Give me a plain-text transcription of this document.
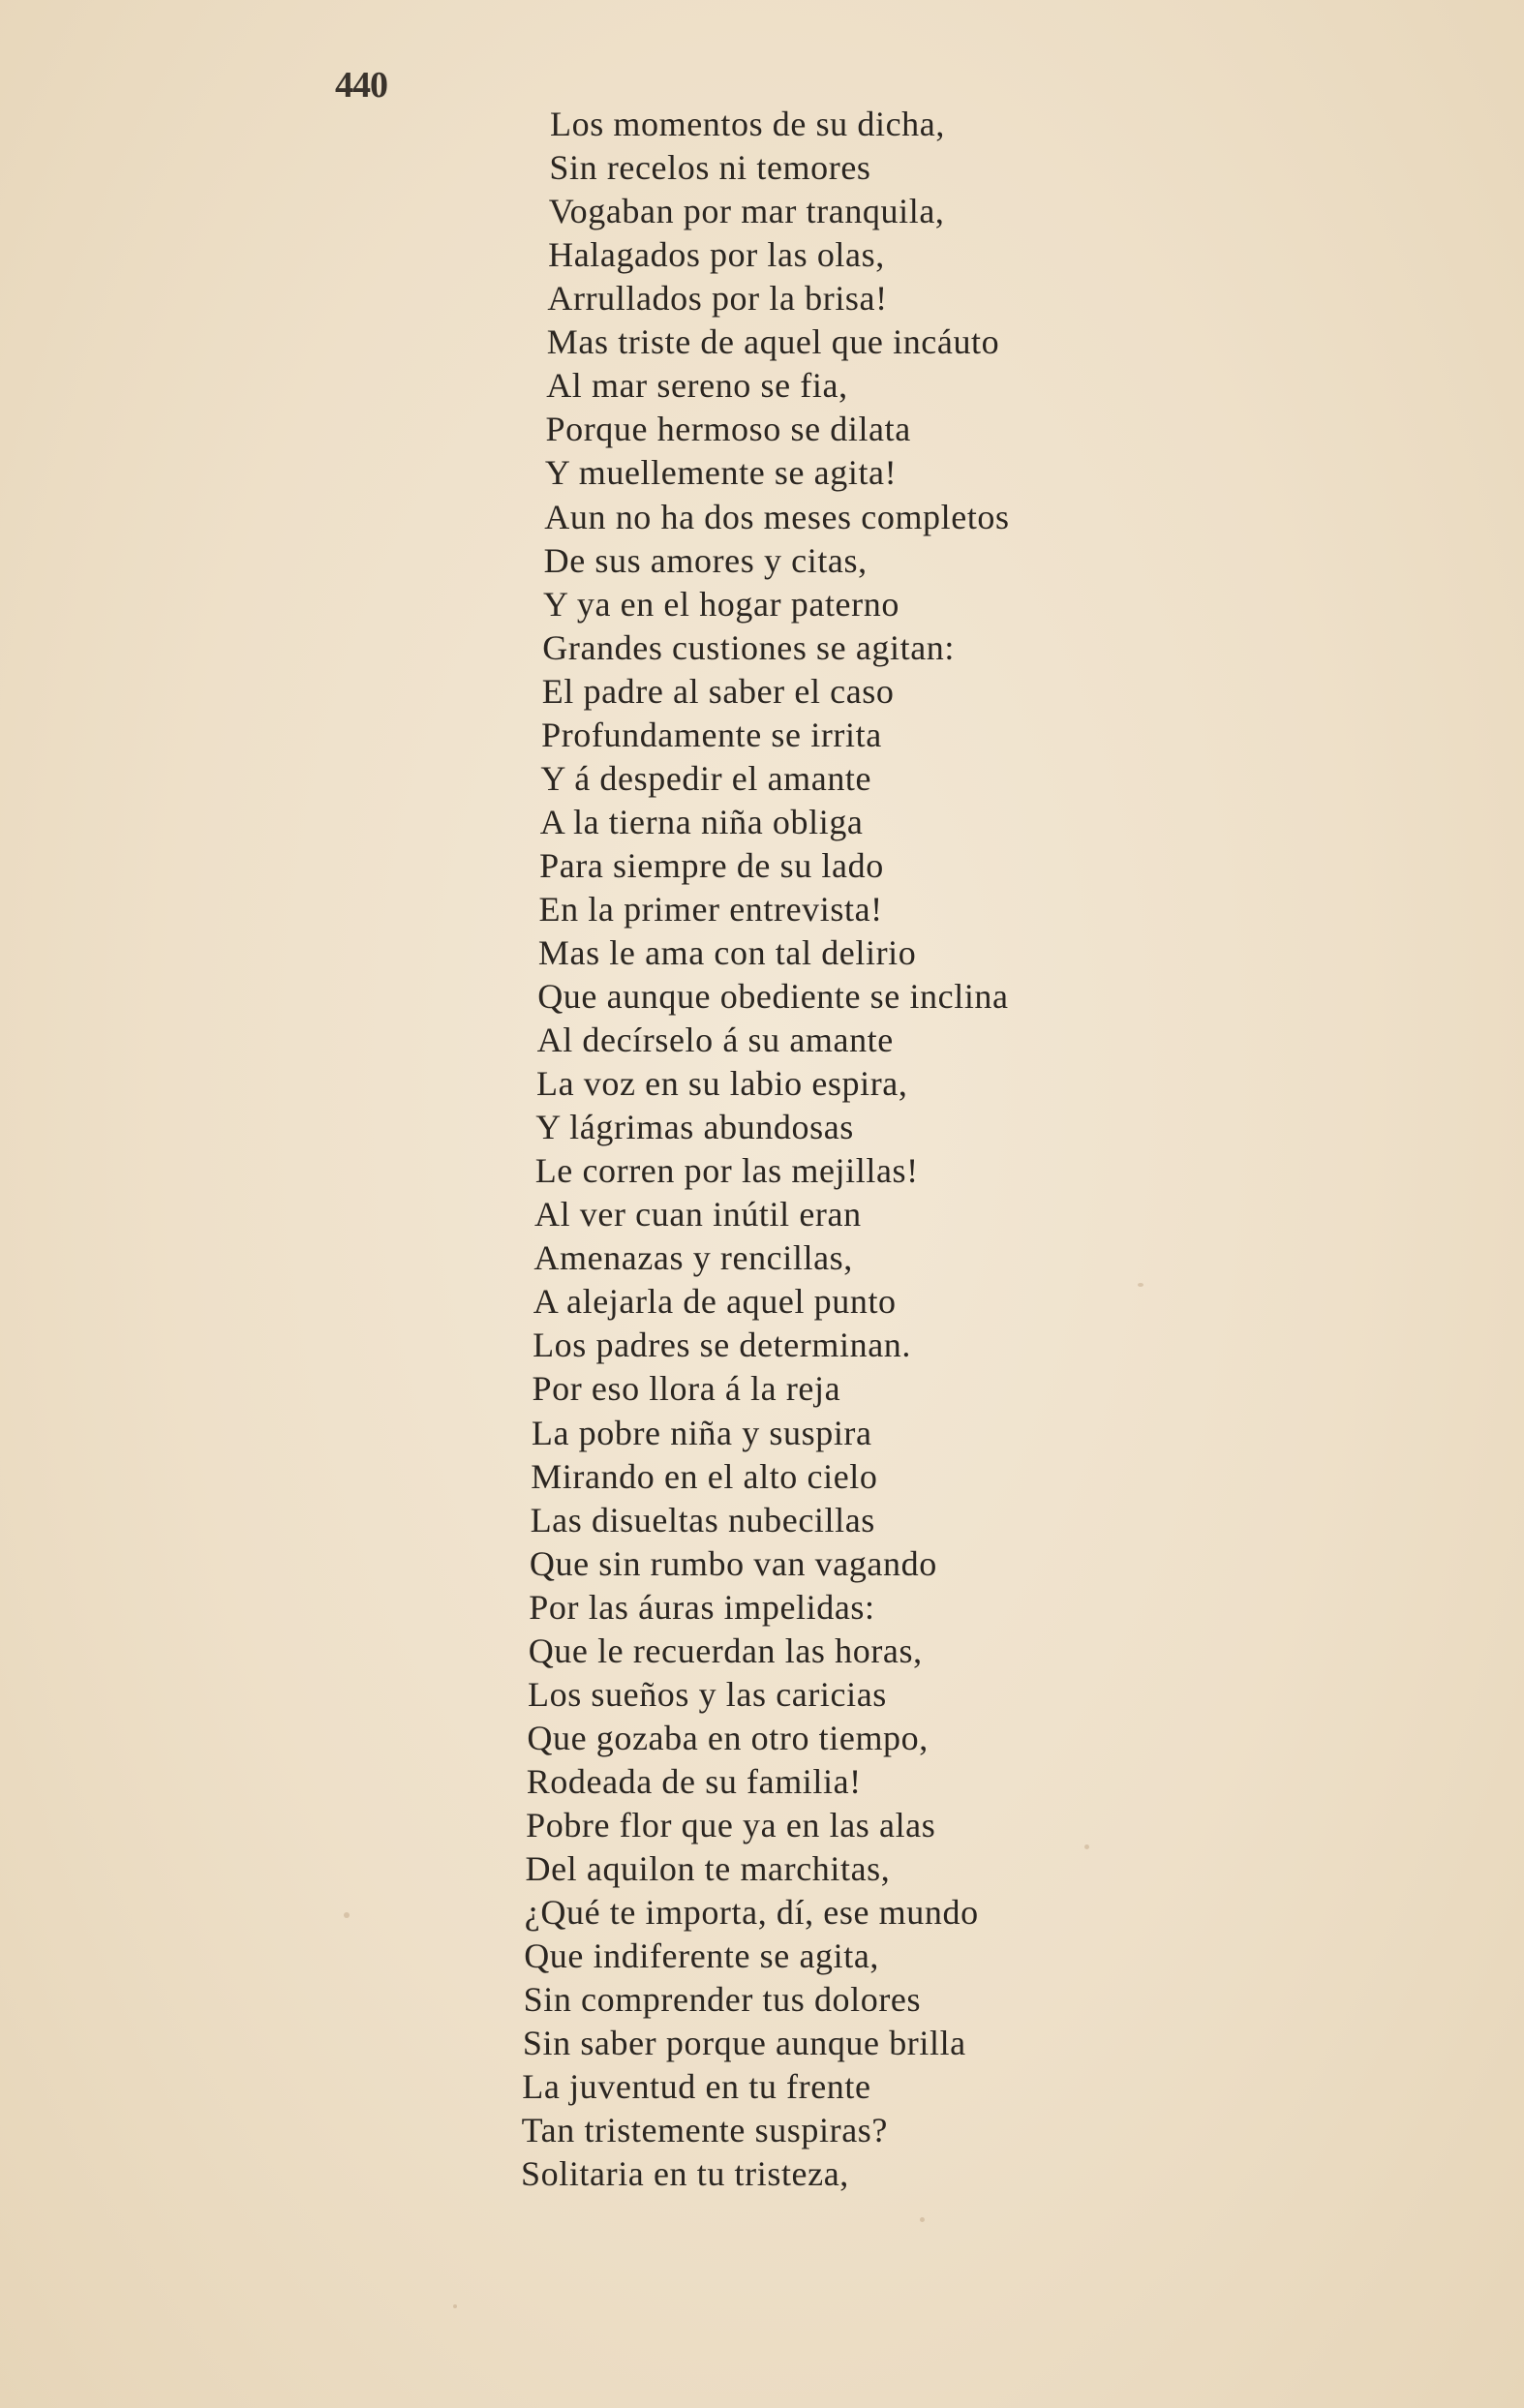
440
Los momentos de su dicha,
Sin recelos ni temores
Vogaban por mar tranquila,
Halagados por las olas,
Arrullados por la brisa!
Mas triste de aquel que incáuto
Al mar sereno se fia,
Porque hermoso se dilata
Y muellemente se agita!
Aun no ha dos meses completos
De sus amores y citas,
Y ya en el hogar paterno
Grandes custiones se agitan:
El padre al saber el caso
Profundamente se irrita
Y á despedir el amante
A la tierna niña obliga
Para siempre de su lado
En la primer entrevista!
Mas le ama con tal delirio
Que aunque obediente se inclina
Al decírselo á su amante
La voz en su labio espira,
Y lágrimas abundosas
Le corren por las mejillas!
Al ver cuan inútil eran
Amenazas y rencillas,
A alejarla de aquel punto
Los padres se determinan.
Por eso llora á la reja
La pobre niña y suspira
Mirando en el alto cielo
Las disueltas nubecillas
Que sin rumbo van vagando
Por las áuras impelidas:
Que le recuerdan las horas,
Los sueños y las caricias
Que gozaba en otro tiempo,
Rodeada de su familia!
Pobre flor que ya en las alas
Del aquilon te marchitas,
¿Qué te importa, dí, ese mundo
Que indiferente se agita,
Sin comprender tus dolores
Sin saber porque aunque brilla
La juventud en tu frente
Tan tristemente suspiras?
Solitaria en tu tristeza,
